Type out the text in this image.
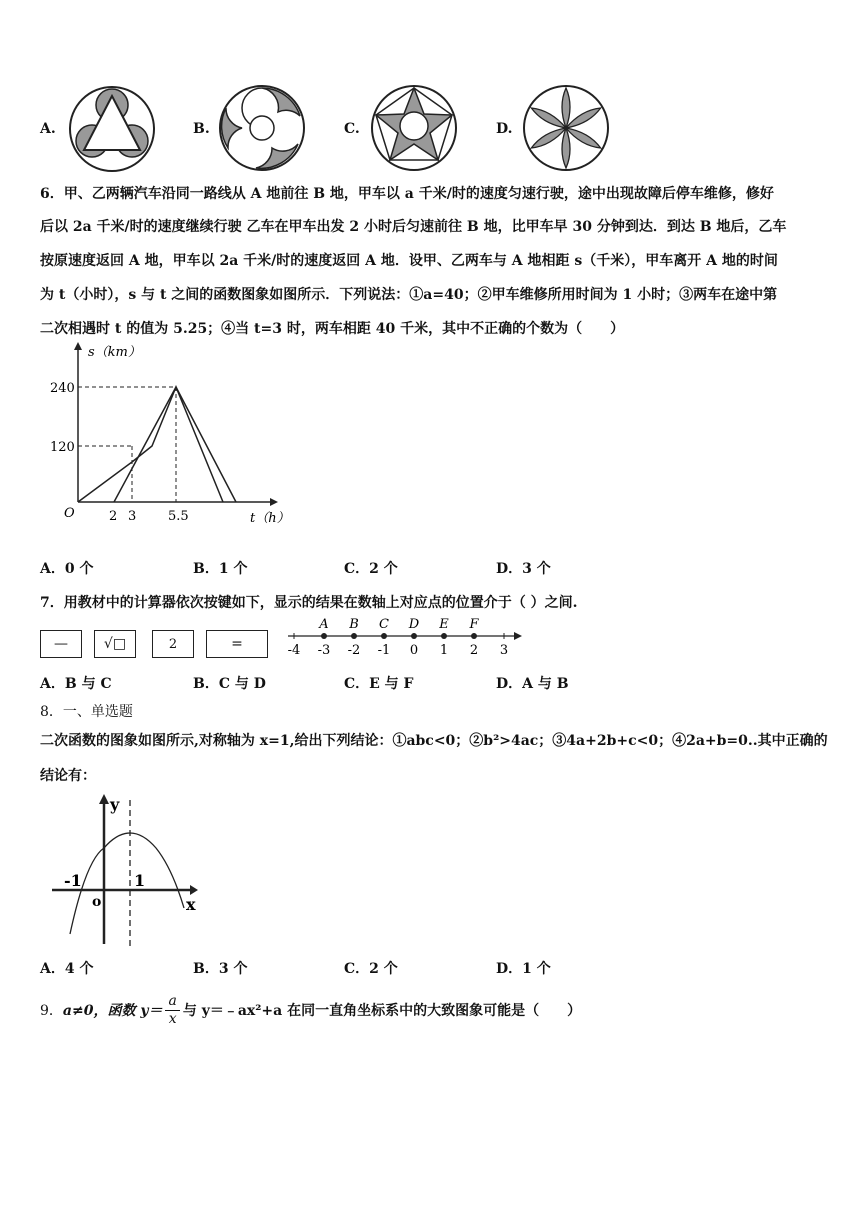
A.	B.	C.	D.
6．甲、乙两辆汽车沿同一路线从 A 地前往 B 地，甲车以 a 千米/时的速度匀速行驶，途中出现故障后停车维修，修好
后以 2a 千米/时的速度继续行驶 乙车在甲车出发 2 小时后匀速前往 B 地，比甲车早 30 分钟到达．到达 B 地后，乙车
按原速度返回 A 地，甲车以 2a 千米/时的速度返回 A 地．设甲、乙两车与 A 地相距 s（千米），甲车离开 A 地的时间
为 t（小时），s 与 t 之间的函数图象如图所示．下列说法：①a=40；②甲车维修所用时间为 1 小时；③两车在途中第
二次相遇时 t 的值为 5.25；④当 t=3 时，两车相距 40 千米，其中不正确的个数为（　　）
s（km）
240
120
O	2 3 5.5	t（h）
A．0 个	B．1 个	C．2 个	D．3 个
7．用教材中的计算器依次按键如下，显示的结果在数轴上对应点的位置介于（ ）之间.
—	√□	2	=	-4 -3 -2 -1 0 1 2 3
A B C D E F
A．B 与 C	B．C 与 D	C．E 与 F	D．A 与 B
8．一、单选题
二次函数的图象如图所示,对称轴为 x=1,给出下列结论：①abc<0；②b²>4ac；③4a+2b+c<0；④2a+b=0..其中正确的
结论有：
y
x
o
-1	1
A．4 个	B．3 个	C．2 个	D．1 个
9． a≠0，函数 $y= \frac{a}{x}$ 与 y＝﹣ax²+a 在同一直角坐标系中的大致图象可能是（　　）
